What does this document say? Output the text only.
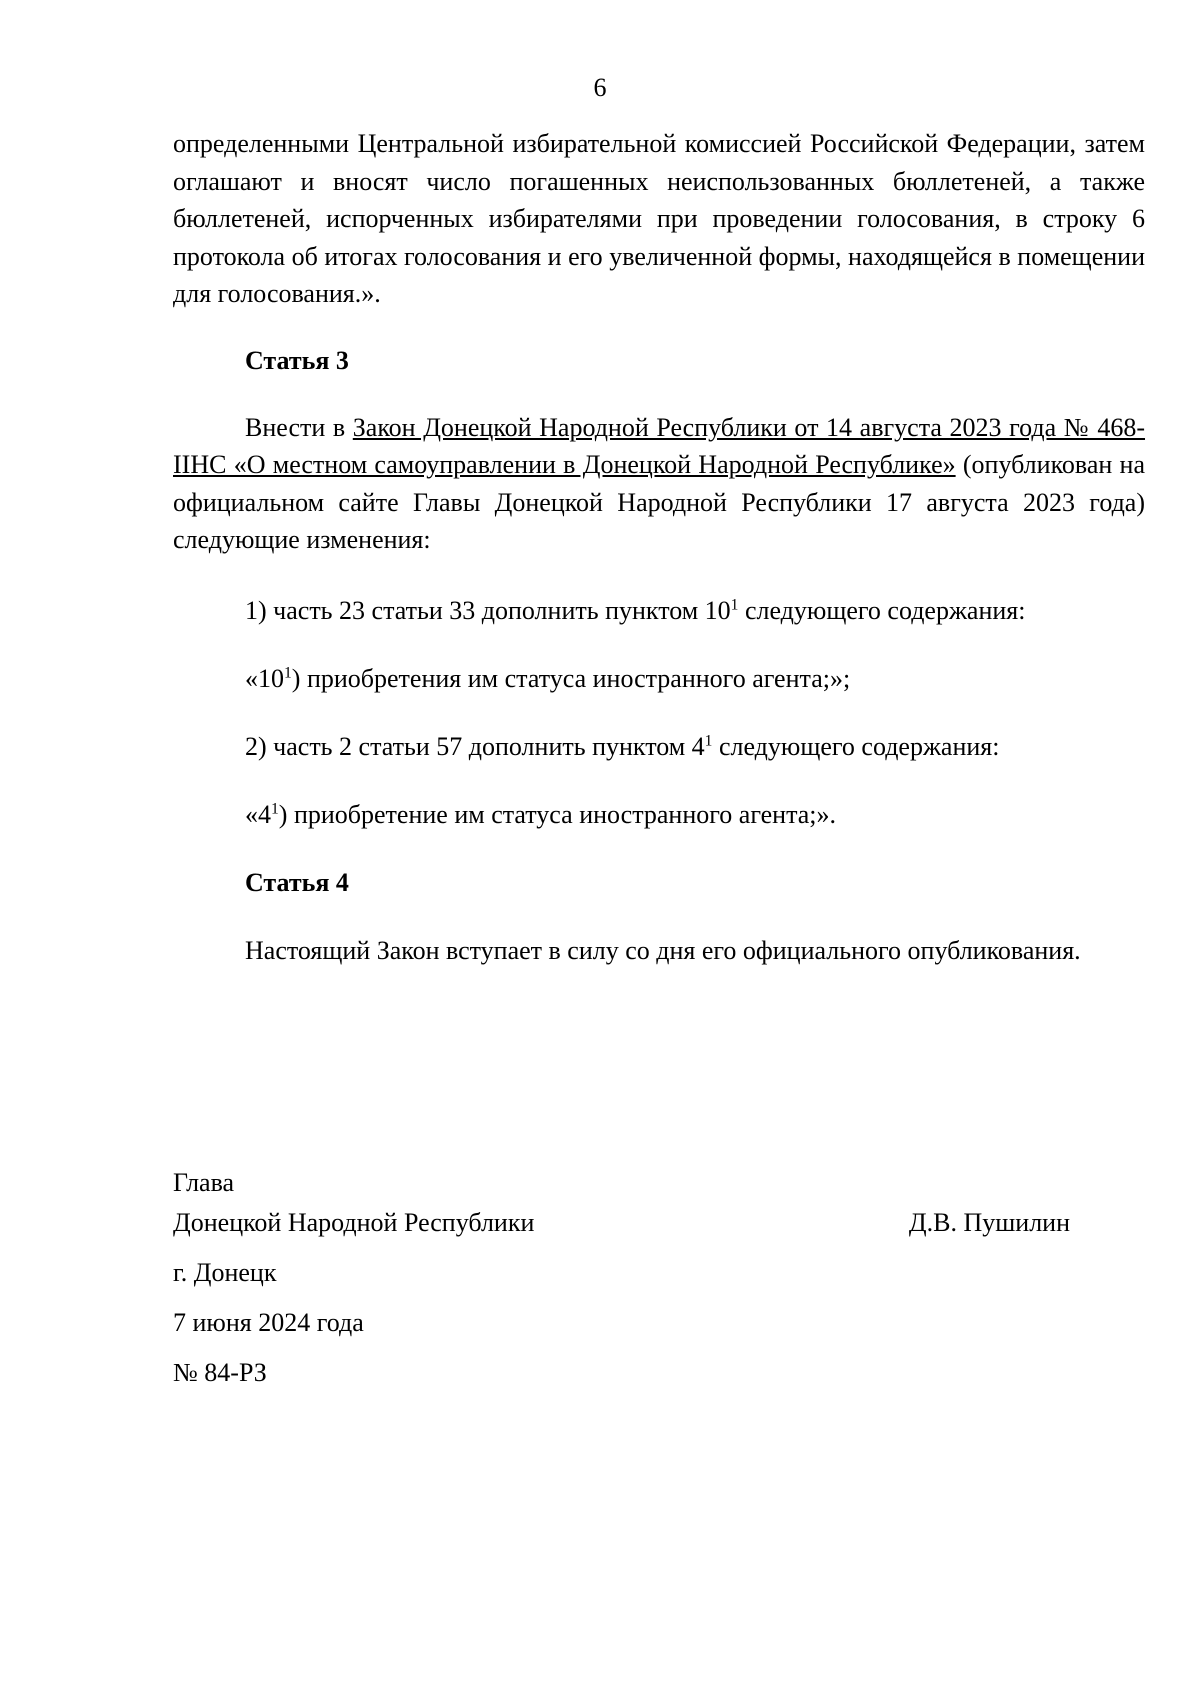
6

определенными Центральной избирательной комиссией Российской Федерации, затем оглашают и вносят число погашенных неиспользованных бюллетеней, а также бюллетеней, испорченных избирателями при проведении голосования, в строку 6 протокола об итогах голосования и его увеличенной формы, находящейся в помещении для голосования.».

Статья 3

Внести в Закон Донецкой Народной Республики от 14 августа 2023 года № 468-IIНС «О местном самоуправлении в Донецкой Народной Республике» (опубликован на официальном сайте Главы Донецкой Народной Республики 17 августа 2023 года) следующие изменения:

1) часть 23 статьи 33 дополнить пунктом $10^1$ следующего содержания:

«$10^1$) приобретения им статуса иностранного агента;»;

2) часть 2 статьи 57 дополнить пунктом $4^1$ следующего содержания:

«$4^1$) приобретение им статуса иностранного агента;».

Статья 4

Настоящий Закон вступает в силу со дня его официального опубликования.

Глава
Донецкой Народной Республики	Д.В. Пушилин
г. Донецк
7 июня 2024 года
№ 84-РЗ
